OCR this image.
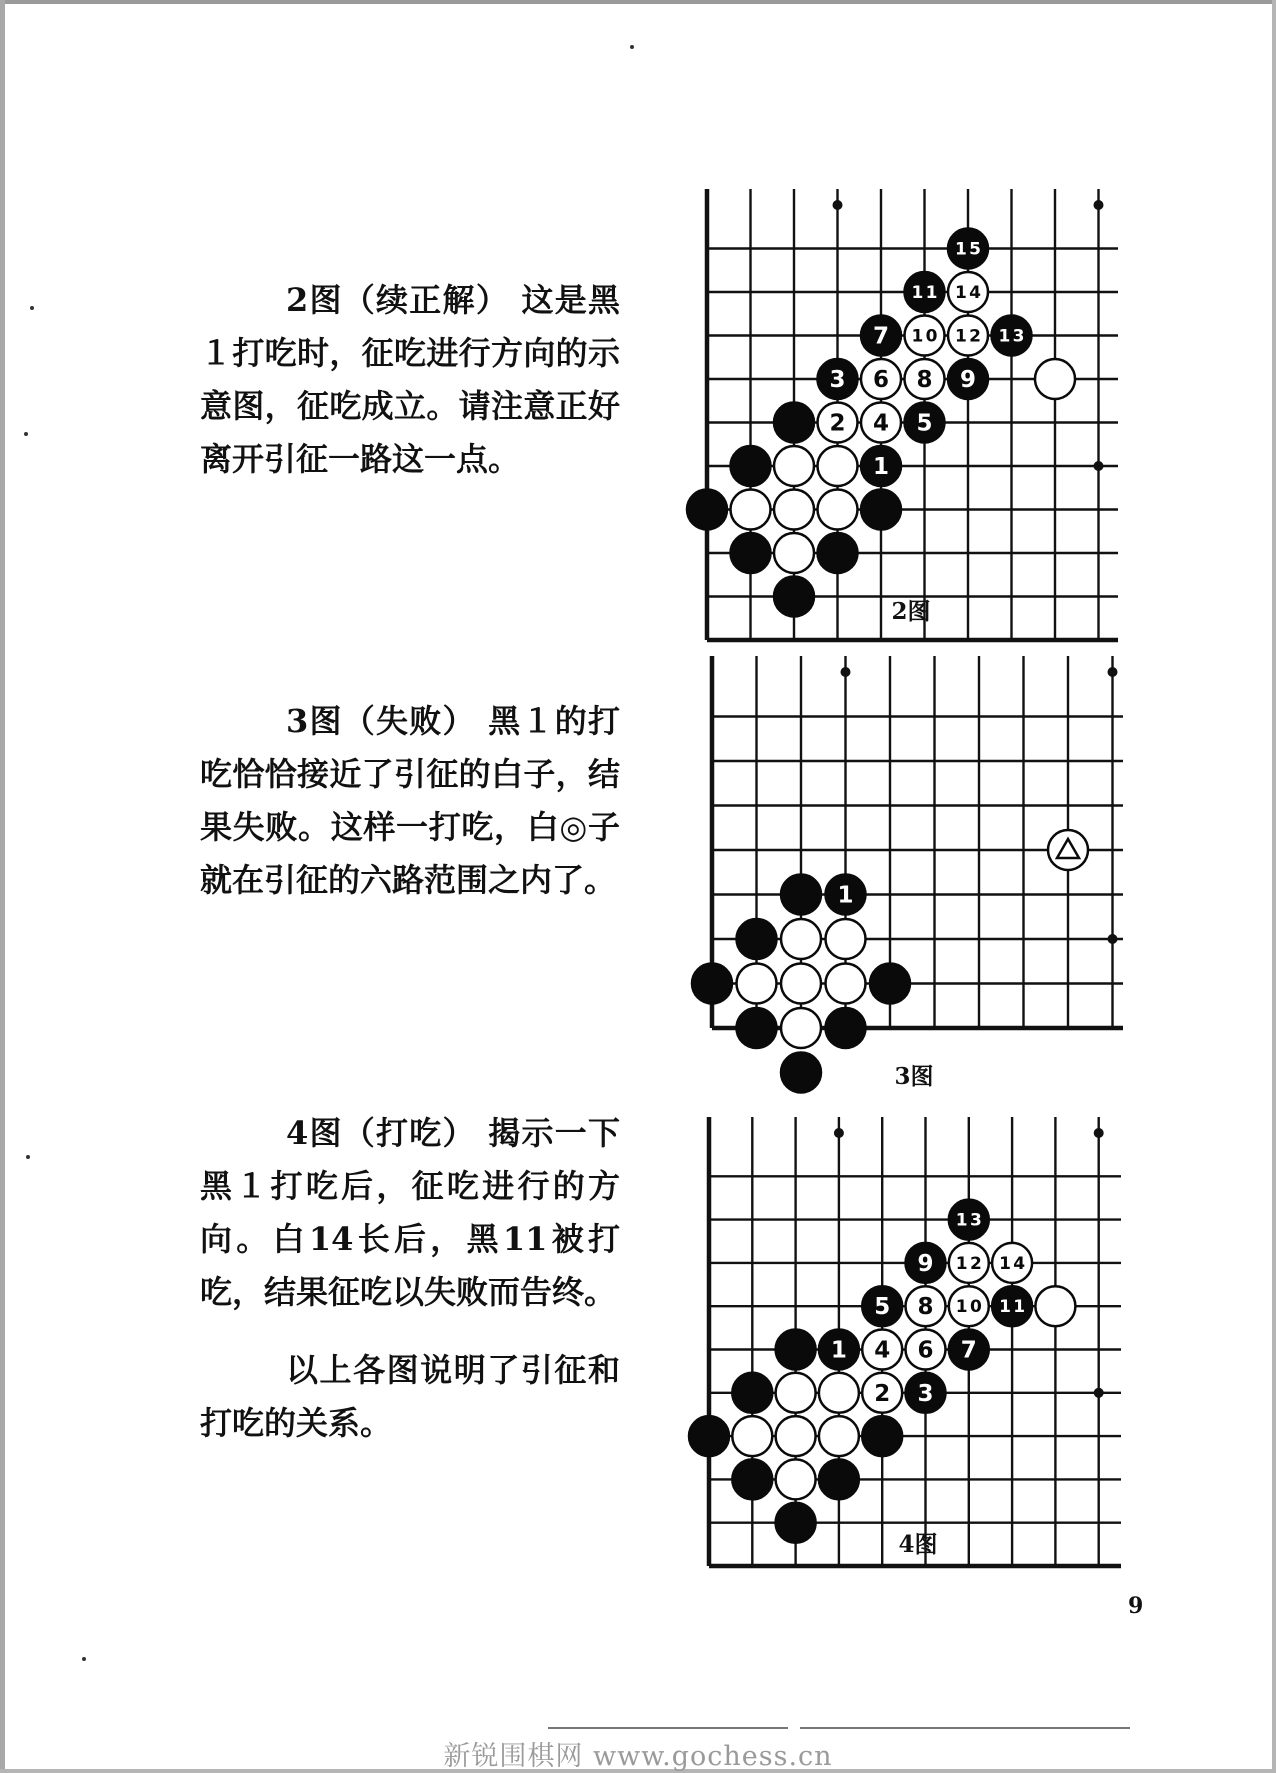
2图（续正解） 这是黑１打吃时，征吃进行方向的示意图，征吃成立。请注意正好离开引征一路这一点。

3图（失败） 黑１的打吃恰恰接近了引征的白子，结果失败。这样一打吃，白◎子就在引征的六路范围之内了。

4图（打吃） 揭示一下黑１打吃后，征吃进行的方向。白14长后，黑11被打吃，结果征吃以失败而告终。

以上各图说明了引征和打吃的关系。

1
2
3
4 5
6
7
8 9
10
11
12 13
14
15
1
1
2 3
4
5
6 7
8
9
10 11
12
13
14
2图
3图
4图
9
新锐围棋网 www.gochess.cn
